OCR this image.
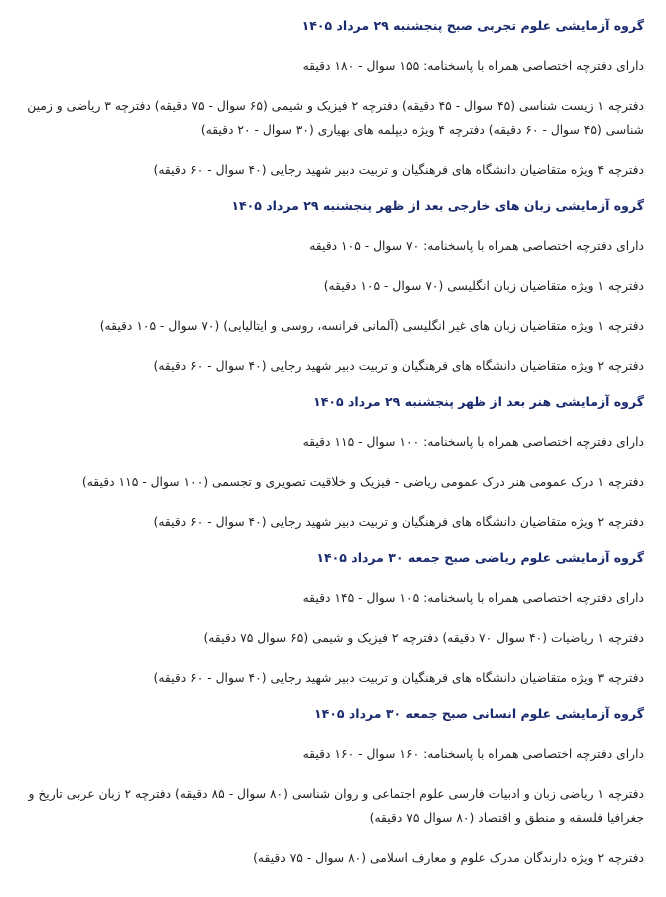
گروه آزمایشی علوم تجربی صبح پنجشنبه ۲۹ مرداد ۱۴۰۵

دارای دفترچه اختصاصی همراه با پاسخنامه: ۱۵۵ سوال - ۱۸۰ دقیقه

دفترچه ۱ زیست شناسی (۴۵ سوال - ۴۵ دقیقه) دفترچه ۲ فیزیک و شیمی (۶۵ سوال - ۷۵ دقیقه) دفترچه ۳ ریاضی و زمین شناسی (۴۵ سوال - ۶۰ دقیقه) دفترچه ۴ ویژه دیپلمه های بهیاری (۳۰ سوال - ۲۰ دقیقه)

دفترچه ۴ ویژه متقاضیان دانشگاه های فرهنگیان و تربیت دبیر شهید رجایی (۴۰ سوال - ۶۰ دقیقه)

گروه آزمایشی زبان های خارجی بعد از ظهر پنجشنبه ۲۹ مرداد ۱۴۰۵

دارای دفترچه اختصاصی همراه با پاسخنامه: ۷۰ سوال - ۱۰۵ دقیقه

دفترچه ۱ ویژه متقاضیان زبان انگلیسی (۷۰ سوال - ۱۰۵ دقیقه)

دفترچه ۱ ویژه متقاضیان زبان های غیر انگلیسی (آلمانی فرانسه، روسی و ایتالیایی) (۷۰ سوال - ۱۰۵ دقیقه)

دفترچه ۲ ویژه متقاضیان دانشگاه های فرهنگیان و تربیت دبیر شهید رجایی (۴۰ سوال - ۶۰ دقیقه)

گروه آزمایشی هنر بعد از ظهر پنجشنبه ۲۹ مرداد ۱۴۰۵

دارای دفترچه اختصاصی همراه با پاسخنامه: ۱۰۰ سوال - ۱۱۵ دقیقه

دفترچه ۱ درک عمومی هنر درک عمومی ریاضی - فیزیک و خلاقیت تصویری و تجسمی (۱۰۰ سوال - ۱۱۵ دقیقه)

دفترچه ۲ ویژه متقاضیان دانشگاه های فرهنگیان و تربیت دبیر شهید رجایی (۴۰ سوال - ۶۰ دقیقه)

گروه آزمایشی علوم ریاضی صبح جمعه ۳۰ مرداد ۱۴۰۵

دارای دفترچه اختصاصی همراه با پاسخنامه: ۱۰۵ سوال - ۱۴۵ دقیقه

دفترچه ۱ ریاضیات (۴۰ سوال ۷۰ دقیقه) دفترچه ۲ فیزیک و شیمی (۶۵ سوال ۷۵ دقیقه)

دفترچه ۳ ویژه متقاضیان دانشگاه های فرهنگیان و تربیت دبیر شهید رجایی (۴۰ سوال - ۶۰ دقیقه)

گروه آزمایشی علوم انسانی صبح جمعه ۳۰ مرداد ۱۴۰۵

دارای دفترچه اختصاصی همراه با پاسخنامه: ۱۶۰ سوال - ۱۶۰ دقیقه

دفترچه ۱ ریاضی زبان و ادبیات فارسی علوم اجتماعی و روان شناسی (۸۰ سوال - ۸۵ دقیقه) دفترچه ۲ زبان عربی تاریخ و جغرافیا فلسفه و منطق و اقتصاد (۸۰ سوال ۷۵ دقیقه)

دفترچه ۲ ویژه دارندگان مدرک علوم و معارف اسلامی (۸۰ سوال - ۷۵ دقیقه)
